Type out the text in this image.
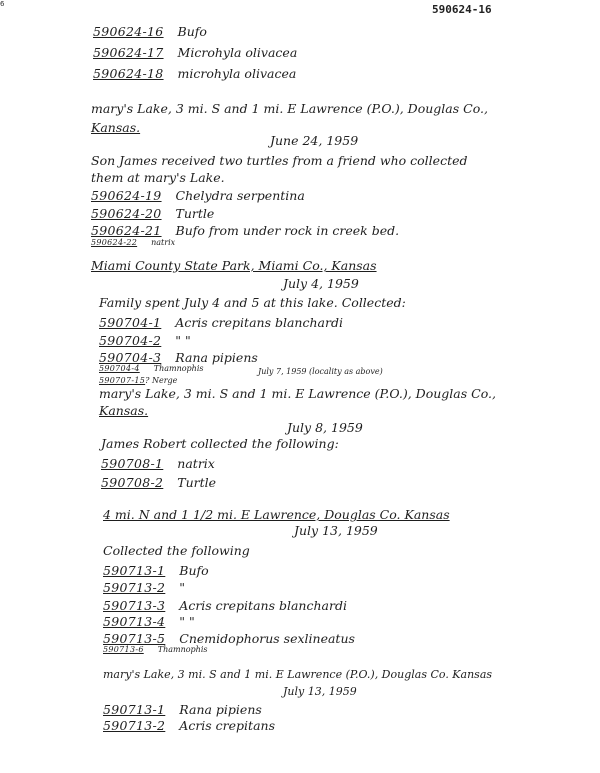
6	590624-16
590624-16 Bufo
590624-17 Microhyla olivacea
590624-18 microhyla olivacea
mary's Lake, 3 mi. S and 1 mi. E Lawrence (P.O.), Douglas Co.,
Kansas.
June 24, 1959
Son James received two turtles from a friend who collected
them at mary's Lake.
590624-19 Chelydra serpentina
590624-20 Turtle
590624-21 Bufo from under rock in creek bed.
590624-22 natrix
Miami County State Park, Miami Co., Kansas
July 4, 1959
Family spent July 4 and 5 at this lake. Collected:
590704-1 Acris crepitans blanchardi
590704-2 " "
590704-3 Rana pipiens
590704-4 Thamnophis	July 7, 1959 (locality as above)
590707-15? Nerge
mary's Lake, 3 mi. S and 1 mi. E Lawrence (P.O.), Douglas Co.,
Kansas.
July 8, 1959
James Robert collected the following:
590708-1 natrix
590708-2 Turtle
4 mi. N and 1 1/2 mi. E Lawrence, Douglas Co. Kansas
July 13, 1959
Collected the following
590713-1 Bufo
590713-2 "
590713-3 Acris crepitans blanchardi
590713-4 " "
590713-5 Cnemidophorus sexlineatus
590713-6 Thamnophis
mary's Lake, 3 mi. S and 1 mi. E Lawrence (P.O.), Douglas Co. Kansas
July 13, 1959
590713-1 Rana pipiens
590713-2 Acris crepitans
